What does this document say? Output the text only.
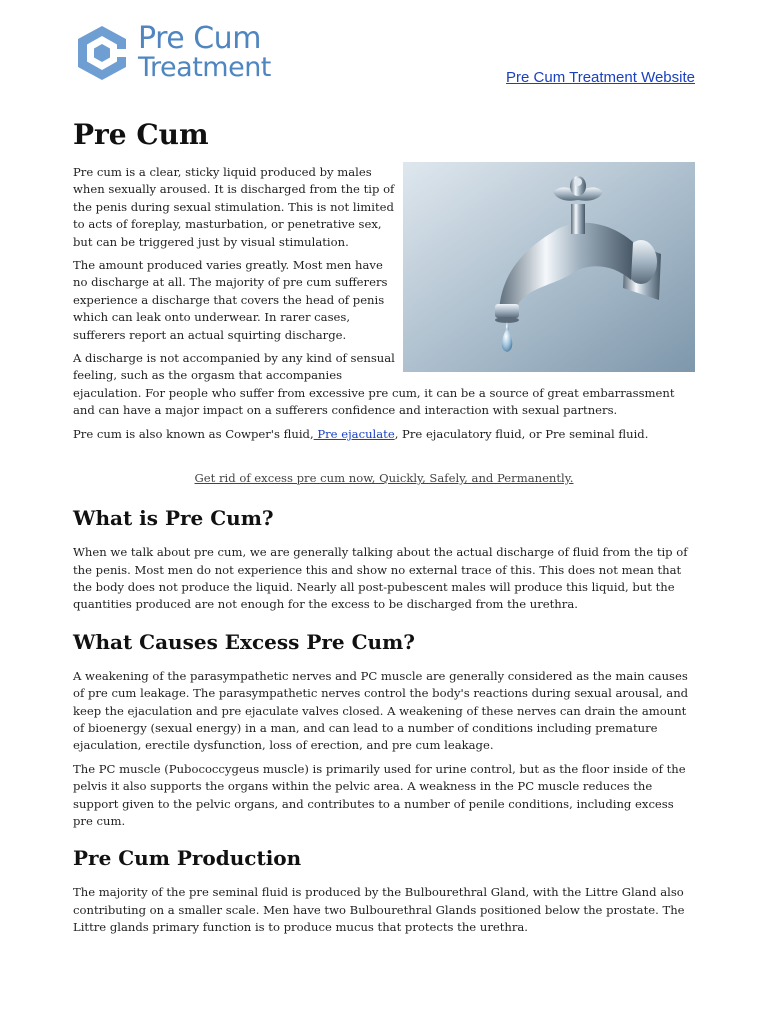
Pre Cum
Treatment	Pre Cum Treatment Website
Pre Cum

Pre cum is a clear, sticky liquid produced by males when sexually aroused. It is discharged from the tip of the penis during sexual stimulation. This is not limited to acts of foreplay, masturbation, or penetrative sex, but can be triggered just by visual stimulation.

The amount produced varies greatly. Most men have no discharge at all. The majority of pre cum sufferers experience a discharge that covers the head of penis which can leak onto underwear. In rarer cases, sufferers report an actual squirting discharge.

A discharge is not accompanied by any kind of sensual feeling, such as the orgasm that accompanies ejaculation. For people who suffer from excessive pre cum, it can be a source of great embarrassment and can have a major impact on a sufferers confidence and interaction with sexual partners.

Pre cum is also known as Cowper's fluid, Pre ejaculate, Pre ejaculatory fluid, or Pre seminal fluid.

Get rid of excess pre cum now, Quickly, Safely, and Permanently.
What is Pre Cum?

When we talk about pre cum, we are generally talking about the actual discharge of fluid from the tip of the penis. Most men do not experience this and show no external trace of this. This does not mean that the body does not produce the liquid. Nearly all post-pubescent males will produce this liquid, but the quantities produced are not enough for the excess to be discharged from the urethra.

What Causes Excess Pre Cum?

A weakening of the parasympathetic nerves and PC muscle are generally considered as the main causes of pre cum leakage. The parasympathetic nerves control the body's reactions during sexual arousal, and keep the ejaculation and pre ejaculate valves closed. A weakening of these nerves can drain the amount of bioenergy (sexual energy) in a man, and can lead to a number of conditions including premature ejaculation, erectile dysfunction, loss of erection, and pre cum leakage.

The PC muscle (Pubococcygeus muscle) is primarily used for urine control, but as the floor inside of the pelvis it also supports the organs within the pelvic area. A weakness in the PC muscle reduces the support given to the pelvic organs, and contributes to a number of penile conditions, including excess pre cum.

Pre Cum Production

The majority of the pre seminal fluid is produced by the Bulbourethral Gland, with the Littre Gland also contributing on a smaller scale. Men have two Bulbourethral Glands positioned below the prostate. The Littre glands primary function is to produce mucus that protects the urethra.
